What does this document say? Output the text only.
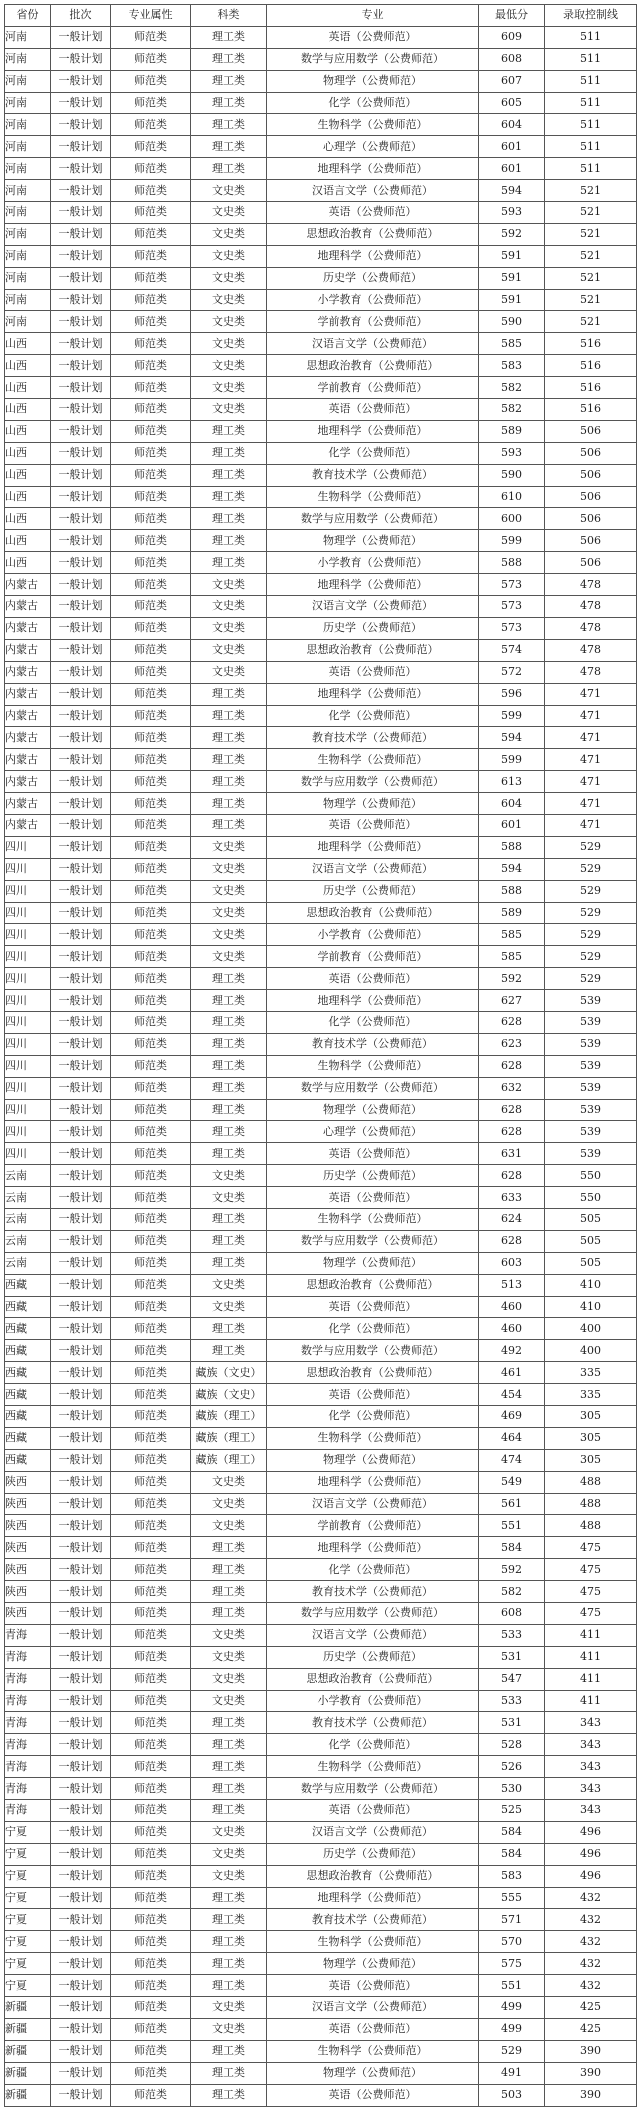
省份	批次	专业属性	科类	专业	最低分	录取控制线
河南	一般计划	师范类	理工类	英语（公费师范）	609	511
河南	一般计划	师范类	理工类	数学与应用数学（公费师范）	608	511
河南	一般计划	师范类	理工类	物理学（公费师范）	607	511
河南	一般计划	师范类	理工类	化学（公费师范）	605	511
河南	一般计划	师范类	理工类	生物科学（公费师范）	604	511
河南	一般计划	师范类	理工类	心理学（公费师范）	601	511
河南	一般计划	师范类	理工类	地理科学（公费师范）	601	511
河南	一般计划	师范类	文史类	汉语言文学（公费师范）	594	521
河南	一般计划	师范类	文史类	英语（公费师范）	593	521
河南	一般计划	师范类	文史类	思想政治教育（公费师范）	592	521
河南	一般计划	师范类	文史类	地理科学（公费师范）	591	521
河南	一般计划	师范类	文史类	历史学（公费师范）	591	521
河南	一般计划	师范类	文史类	小学教育（公费师范）	591	521
河南	一般计划	师范类	文史类	学前教育（公费师范）	590	521
山西	一般计划	师范类	文史类	汉语言文学（公费师范）	585	516
山西	一般计划	师范类	文史类	思想政治教育（公费师范）	583	516
山西	一般计划	师范类	文史类	学前教育（公费师范）	582	516
山西	一般计划	师范类	文史类	英语（公费师范）	582	516
山西	一般计划	师范类	理工类	地理科学（公费师范）	589	506
山西	一般计划	师范类	理工类	化学（公费师范）	593	506
山西	一般计划	师范类	理工类	教育技术学（公费师范）	590	506
山西	一般计划	师范类	理工类	生物科学（公费师范）	610	506
山西	一般计划	师范类	理工类	数学与应用数学（公费师范）	600	506
山西	一般计划	师范类	理工类	物理学（公费师范）	599	506
山西	一般计划	师范类	理工类	小学教育（公费师范）	588	506
内蒙古	一般计划	师范类	文史类	地理科学（公费师范）	573	478
内蒙古	一般计划	师范类	文史类	汉语言文学（公费师范）	573	478
内蒙古	一般计划	师范类	文史类	历史学（公费师范）	573	478
内蒙古	一般计划	师范类	文史类	思想政治教育（公费师范）	574	478
内蒙古	一般计划	师范类	文史类	英语（公费师范）	572	478
内蒙古	一般计划	师范类	理工类	地理科学（公费师范）	596	471
内蒙古	一般计划	师范类	理工类	化学（公费师范）	599	471
内蒙古	一般计划	师范类	理工类	教育技术学（公费师范）	594	471
内蒙古	一般计划	师范类	理工类	生物科学（公费师范）	599	471
内蒙古	一般计划	师范类	理工类	数学与应用数学（公费师范）	613	471
内蒙古	一般计划	师范类	理工类	物理学（公费师范）	604	471
内蒙古	一般计划	师范类	理工类	英语（公费师范）	601	471
四川	一般计划	师范类	文史类	地理科学（公费师范）	588	529
四川	一般计划	师范类	文史类	汉语言文学（公费师范）	594	529
四川	一般计划	师范类	文史类	历史学（公费师范）	588	529
四川	一般计划	师范类	文史类	思想政治教育（公费师范）	589	529
四川	一般计划	师范类	文史类	小学教育（公费师范）	585	529
四川	一般计划	师范类	文史类	学前教育（公费师范）	585	529
四川	一般计划	师范类	理工类	英语（公费师范）	592	529
四川	一般计划	师范类	理工类	地理科学（公费师范）	627	539
四川	一般计划	师范类	理工类	化学（公费师范）	628	539
四川	一般计划	师范类	理工类	教育技术学（公费师范）	623	539
四川	一般计划	师范类	理工类	生物科学（公费师范）	628	539
四川	一般计划	师范类	理工类	数学与应用数学（公费师范）	632	539
四川	一般计划	师范类	理工类	物理学（公费师范）	628	539
四川	一般计划	师范类	理工类	心理学（公费师范）	628	539
四川	一般计划	师范类	理工类	英语（公费师范）	631	539
云南	一般计划	师范类	文史类	历史学（公费师范）	628	550
云南	一般计划	师范类	文史类	英语（公费师范）	633	550
云南	一般计划	师范类	理工类	生物科学（公费师范）	624	505
云南	一般计划	师范类	理工类	数学与应用数学（公费师范）	628	505
云南	一般计划	师范类	理工类	物理学（公费师范）	603	505
西藏	一般计划	师范类	文史类	思想政治教育（公费师范）	513	410
西藏	一般计划	师范类	文史类	英语（公费师范）	460	410
西藏	一般计划	师范类	理工类	化学（公费师范）	460	400
西藏	一般计划	师范类	理工类	数学与应用数学（公费师范）	492	400
西藏	一般计划	师范类	藏族（文史）	思想政治教育（公费师范）	461	335
西藏	一般计划	师范类	藏族（文史）	英语（公费师范）	454	335
西藏	一般计划	师范类	藏族（理工）	化学（公费师范）	469	305
西藏	一般计划	师范类	藏族（理工）	生物科学（公费师范）	464	305
西藏	一般计划	师范类	藏族（理工）	物理学（公费师范）	474	305
陕西	一般计划	师范类	文史类	地理科学（公费师范）	549	488
陕西	一般计划	师范类	文史类	汉语言文学（公费师范）	561	488
陕西	一般计划	师范类	文史类	学前教育（公费师范）	551	488
陕西	一般计划	师范类	理工类	地理科学（公费师范）	584	475
陕西	一般计划	师范类	理工类	化学（公费师范）	592	475
陕西	一般计划	师范类	理工类	教育技术学（公费师范）	582	475
陕西	一般计划	师范类	理工类	数学与应用数学（公费师范）	608	475
青海	一般计划	师范类	文史类	汉语言文学（公费师范）	533	411
青海	一般计划	师范类	文史类	历史学（公费师范）	531	411
青海	一般计划	师范类	文史类	思想政治教育（公费师范）	547	411
青海	一般计划	师范类	文史类	小学教育（公费师范）	533	411
青海	一般计划	师范类	理工类	教育技术学（公费师范）	531	343
青海	一般计划	师范类	理工类	化学（公费师范）	528	343
青海	一般计划	师范类	理工类	生物科学（公费师范）	526	343
青海	一般计划	师范类	理工类	数学与应用数学（公费师范）	530	343
青海	一般计划	师范类	理工类	英语（公费师范）	525	343
宁夏	一般计划	师范类	文史类	汉语言文学（公费师范）	584	496
宁夏	一般计划	师范类	文史类	历史学（公费师范）	584	496
宁夏	一般计划	师范类	文史类	思想政治教育（公费师范）	583	496
宁夏	一般计划	师范类	理工类	地理科学（公费师范）	555	432
宁夏	一般计划	师范类	理工类	教育技术学（公费师范）	571	432
宁夏	一般计划	师范类	理工类	生物科学（公费师范）	570	432
宁夏	一般计划	师范类	理工类	物理学（公费师范）	575	432
宁夏	一般计划	师范类	理工类	英语（公费师范）	551	432
新疆	一般计划	师范类	文史类	汉语言文学（公费师范）	499	425
新疆	一般计划	师范类	文史类	英语（公费师范）	499	425
新疆	一般计划	师范类	理工类	生物科学（公费师范）	529	390
新疆	一般计划	师范类	理工类	物理学（公费师范）	491	390
新疆	一般计划	师范类	理工类	英语（公费师范）	503	390
